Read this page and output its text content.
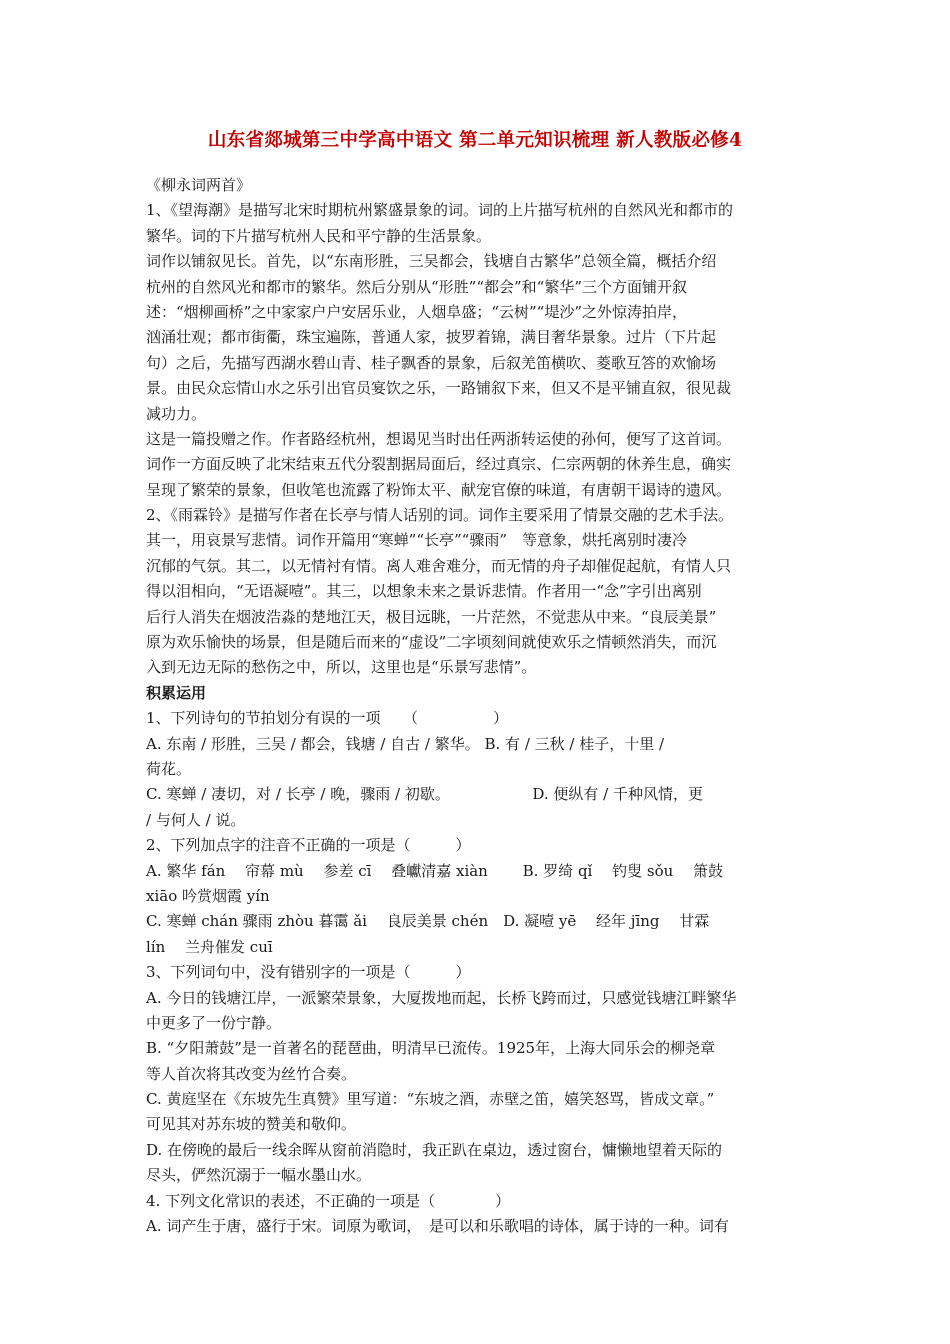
山东省郯城第三中学高中语文 第二单元知识梳理 新人教版必修4
《柳永词两首》
1、《望海潮》是描写北宋时期杭州繁盛景象的词。词的上片描写杭州的自然风光和都市的
繁华。词的下片描写杭州人民和平宁静的生活景象。
词作以铺叙见长。首先，以“东南形胜，三吴都会，钱塘自古繁华”总领全篇，概括介绍
杭州的自然风光和都市的繁华。然后分别从“形胜”“都会”和“繁华”三个方面铺开叙
述：“烟柳画桥”之中家家户户安居乐业，人烟阜盛；“云树”“堤沙”之外惊涛拍岸，
汹涌壮观；都市街衢，珠宝遍陈，普通人家，披罗着锦，满目奢华景象。过片（下片起
句）之后，先描写西湖水碧山青、桂子飘香的景象，后叙羌笛横吹、菱歌互答的欢愉场
景。由民众忘情山水之乐引出官员宴饮之乐，一路铺叙下来，但又不是平铺直叙，很见裁
减功力。
这是一篇投赠之作。作者路经杭州，想谒见当时出任两浙转运使的孙何，便写了这首词。
词作一方面反映了北宋结束五代分裂割据局面后，经过真宗、仁宗两朝的休养生息，确实
呈现了繁荣的景象，但收笔也流露了粉饰太平、献宠官僚的味道，有唐朝干谒诗的遗风。
2、《雨霖铃》是描写作者在长亭与情人话别的词。词作主要采用了情景交融的艺术手法。
其一，用哀景写悲情。词作开篇用“寒蝉”“长亭”“骤雨”　等意象，烘托离别时凄冷
沉郁的气氛。其二，以无情衬有情。离人难舍难分，而无情的舟子却催促起航，有情人只
得以泪相向，“无语凝噎”。其三，以想象未来之景诉悲情。作者用一“念”字引出离别
后行人消失在烟波浩淼的楚地江天，极目远眺，一片茫然，不觉悲从中来。“良辰美景”
原为欢乐愉快的场景，但是随后而来的“虚设”二字顷刻间就使欢乐之情顿然消失，而沉
入到无边无际的愁伤之中，所以，这里也是“乐景写悲情”。
积累运用
1、下列诗句的节拍划分有误的一项　　（　　　　　）
A. 东南 / 形胜，三吴 / 都会，钱塘 / 自古 / 繁华。 B. 有 / 三秋 / 桂子，十里 /
荷花。
C. 寒蝉 / 凄切，对 / 长亭 / 晚，骤雨 / 初歇。　　　　　　D. 便纵有 / 千种风情，更
/ 与何人 / 说。
2、下列加点字的注音不正确的一项是（　　　）
A. 繁华 fán　 帘幕 mù　 参差 cī　 叠巘清嘉 xiàn　　 B. 罗绮 qǐ　 钓叟 sǒu　 箫鼓
xiāo 吟赏烟霞 yín
C. 寒蝉 chán 骤雨 zhòu 暮霭 ǎi　 良辰美景 chén　D. 凝噎 yē　 经年 jīng　 甘霖
lín　 兰舟催发 cuī
3、下列词句中，没有错别字的一项是（　　　）
A. 今日的钱塘江岸，一派繁荣景象，大厦拨地而起，长桥飞跨而过，只感觉钱塘江畔繁华
中更多了一份宁静。
B. “夕阳萧鼓”是一首著名的琵琶曲，明清早已流传。1925年，上海大同乐会的柳尧章
等人首次将其改变为丝竹合奏。
C. 黄庭坚在《东坡先生真赞》里写道：“东坡之酒，赤壁之笛，嬉笑怒骂，皆成文章。”
可见其对苏东坡的赞美和敬仰。
D. 在傍晚的最后一线余晖从窗前消隐时，我正趴在桌边，透过窗台，慵懒地望着天际的
尽头，俨然沉溺于一幅水墨山水。
4. 下列文化常识的表述，不正确的一项是（　　　　）
A. 词产生于唐，盛行于宋。词原为歌词，　是可以和乐歌唱的诗体，属于诗的一种。词有
